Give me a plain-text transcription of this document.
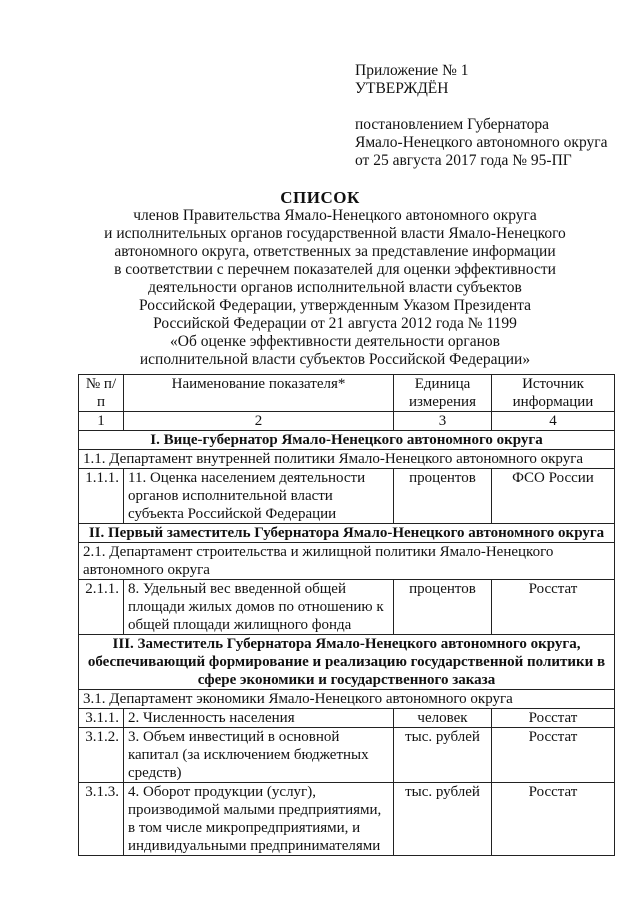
Приложение № 1
УТВЕРЖДЁН
постановлением Губернатора
Ямало-Ненецкого автономного округа
от 25 августа 2017 года № 95-ПГ
СПИСОК
членов Правительства Ямало-Ненецкого автономного округа
и исполнительных органов государственной власти Ямало-Ненецкого
автономного округа, ответственных за представление информации
в соответствии с перечнем показателей для оценки эффективности
деятельности органов исполнительной власти субъектов
Российской Федерации, утвержденным Указом Президента
Российской Федерации от 21 августа 2012 года № 1199
«Об оценке эффективности деятельности органов
исполнительной власти субъектов Российской Федерации»
№ п/п	Наименование показателя*	Единица измерения	Источник информации
1	2	3	4
I. Вице-губернатор Ямало-Ненецкого автономного округа			
1.1. Департамент внутренней политики Ямало-Ненецкого автономного округа			
1.1.1.	11. Оценка населением деятельности органов исполнительной власти субъекта Российской Федерации	процентов	ФСО России
II. Первый заместитель Губернатора Ямало-Ненецкого автономного округа			
2.1. Департамент строительства и жилищной политики Ямало-Ненецкого автономного округа			
2.1.1.	8. Удельный вес введенной общей площади жилых домов по отношению к общей площади жилищного фонда	процентов	Росстат
III. Заместитель Губернатора Ямало-Ненецкого автономного округа, обеспечивающий формирование и реализацию государственной политики в сфере экономики и государственного заказа			
3.1. Департамент экономики Ямало-Ненецкого автономного округа			
3.1.1.	2. Численность населения	человек	Росстат
3.1.2.	3. Объем инвестиций в основной капитал (за исключением бюджетных средств)	тыс. рублей	Росстат
3.1.3.	4. Оборот продукции (услуг), производимой малыми предприятиями, в том числе микропредприятиями, и индивидуальными предпринимателями	тыс. рублей	Росстат
